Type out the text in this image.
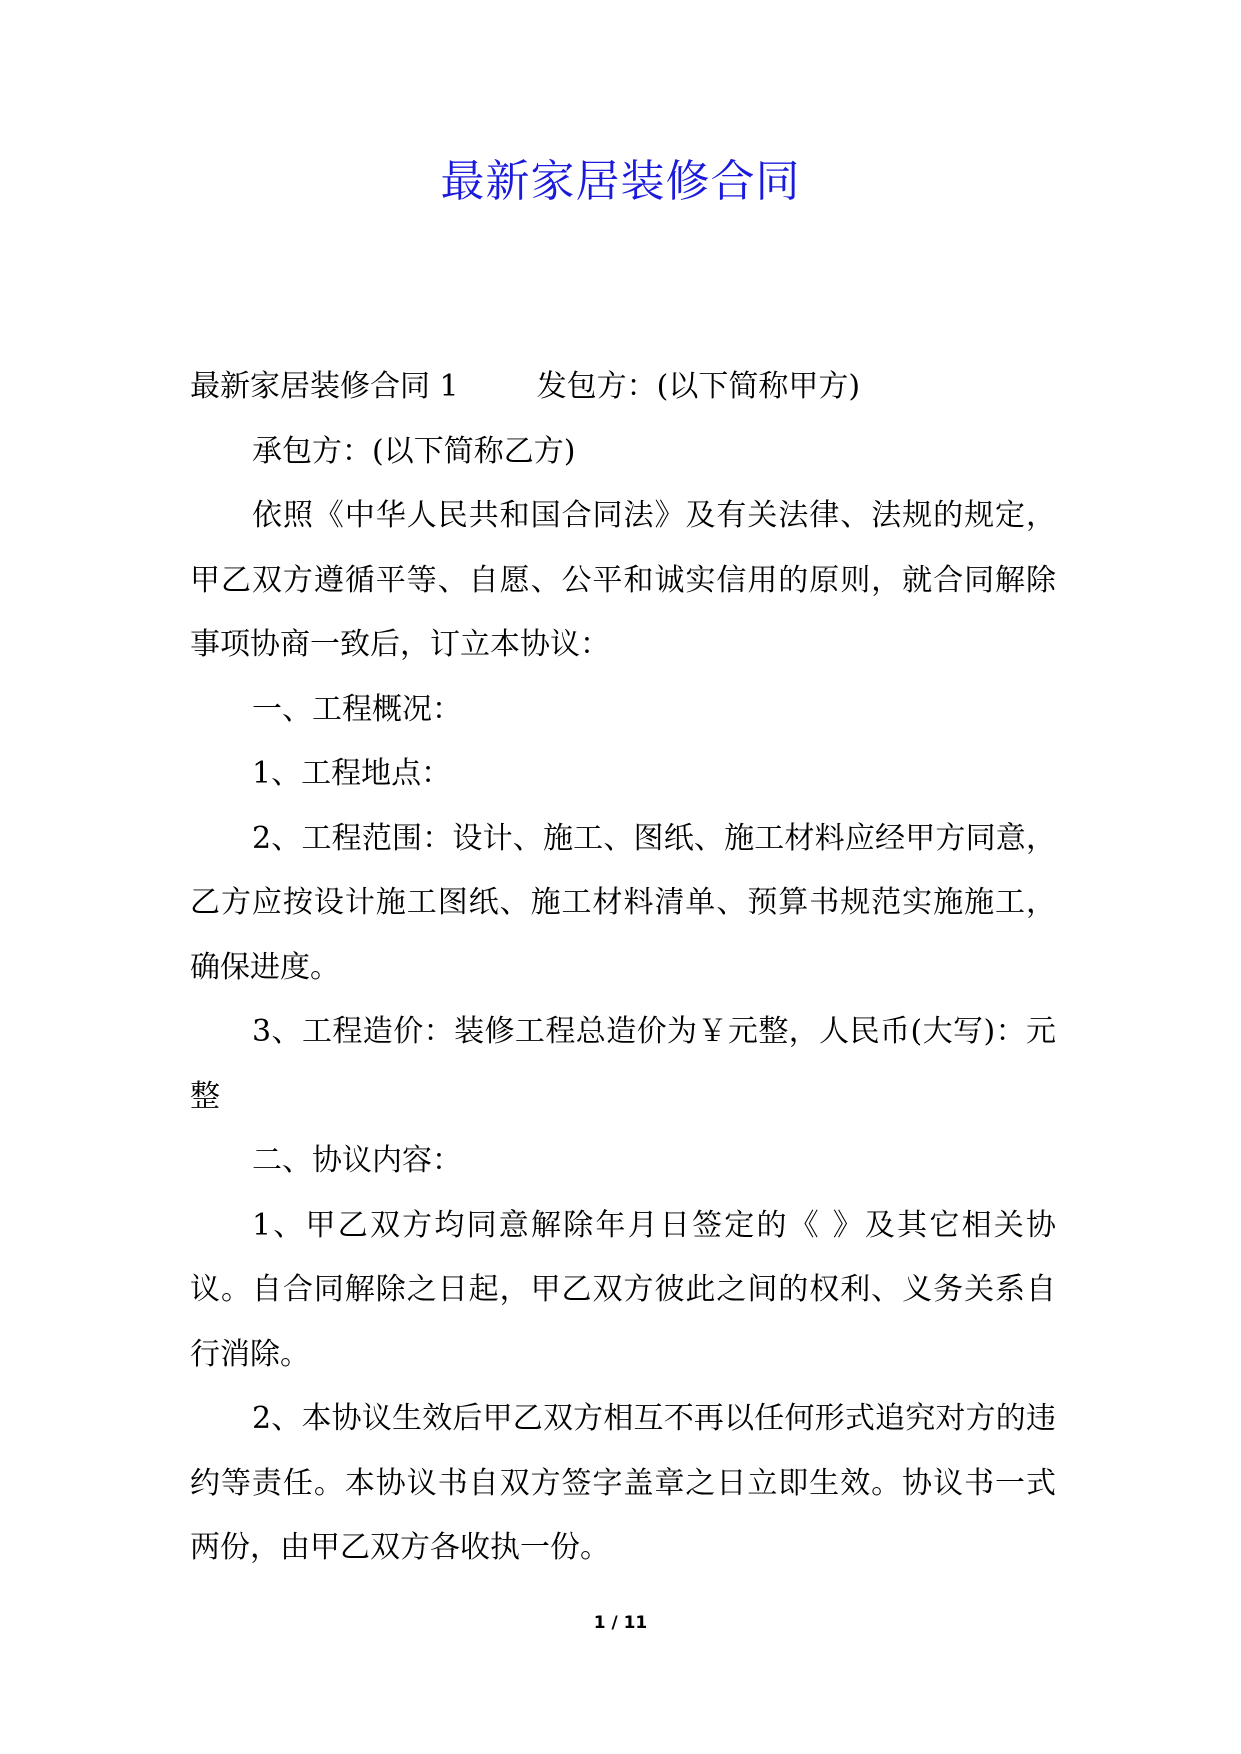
最新家居装修合同

最新家居装修合同 1	发包方：(以下简称甲方)

承包方：(以下简称乙方)

依照《中华人民共和国合同法》及有关法律、法规的规定，甲乙双方遵循平等、自愿、公平和诚实信用的原则，就合同解除事项协商一致后，订立本协议：

一、工程概况：

1、工程地点：

2、工程范围：设计、施工、图纸、施工材料应经甲方同意，乙方应按设计施工图纸、施工材料清单、预算书规范实施施工，确保进度。

3、工程造价：装修工程总造价为￥元整，人民币(大写)：元整

二、协议内容：

1、甲乙双方均同意解除年月日签定的《 》及其它相关协议。自合同解除之日起，甲乙双方彼此之间的权利、义务关系自行消除。

2、本协议生效后甲乙双方相互不再以任何形式追究对方的违约等责任。本协议书自双方签字盖章之日立即生效。协议书一式两份，由甲乙双方各收执一份。

1 / 11
